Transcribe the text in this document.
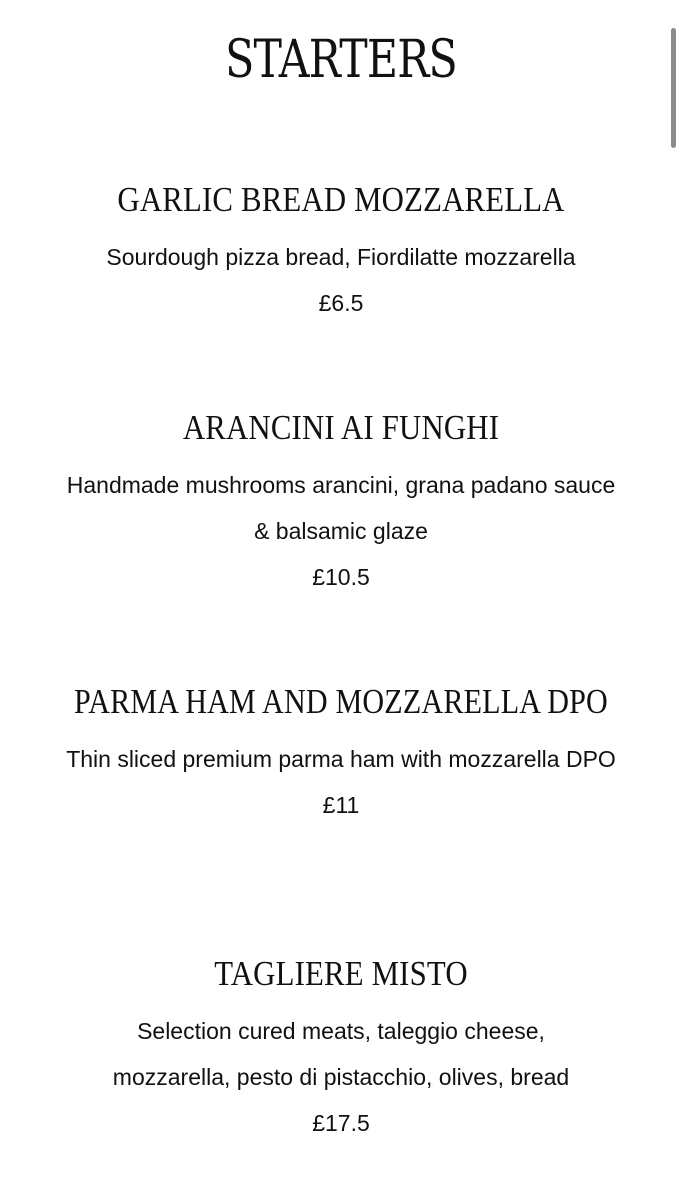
STARTERS
GARLIC BREAD MOZZARELLA

Sourdough pizza bread, Fiordilatte mozzarella

£6.5

ARANCINI AI FUNGHI

Handmade mushrooms arancini, grana padano sauce & balsamic glaze

£10.5

PARMA HAM AND MOZZARELLA DPO

Thin sliced premium parma ham with mozzarella DPO

£11

TAGLIERE MISTO

Selection cured meats, taleggio cheese, mozzarella, pesto di pistacchio, olives, bread

£17.5
